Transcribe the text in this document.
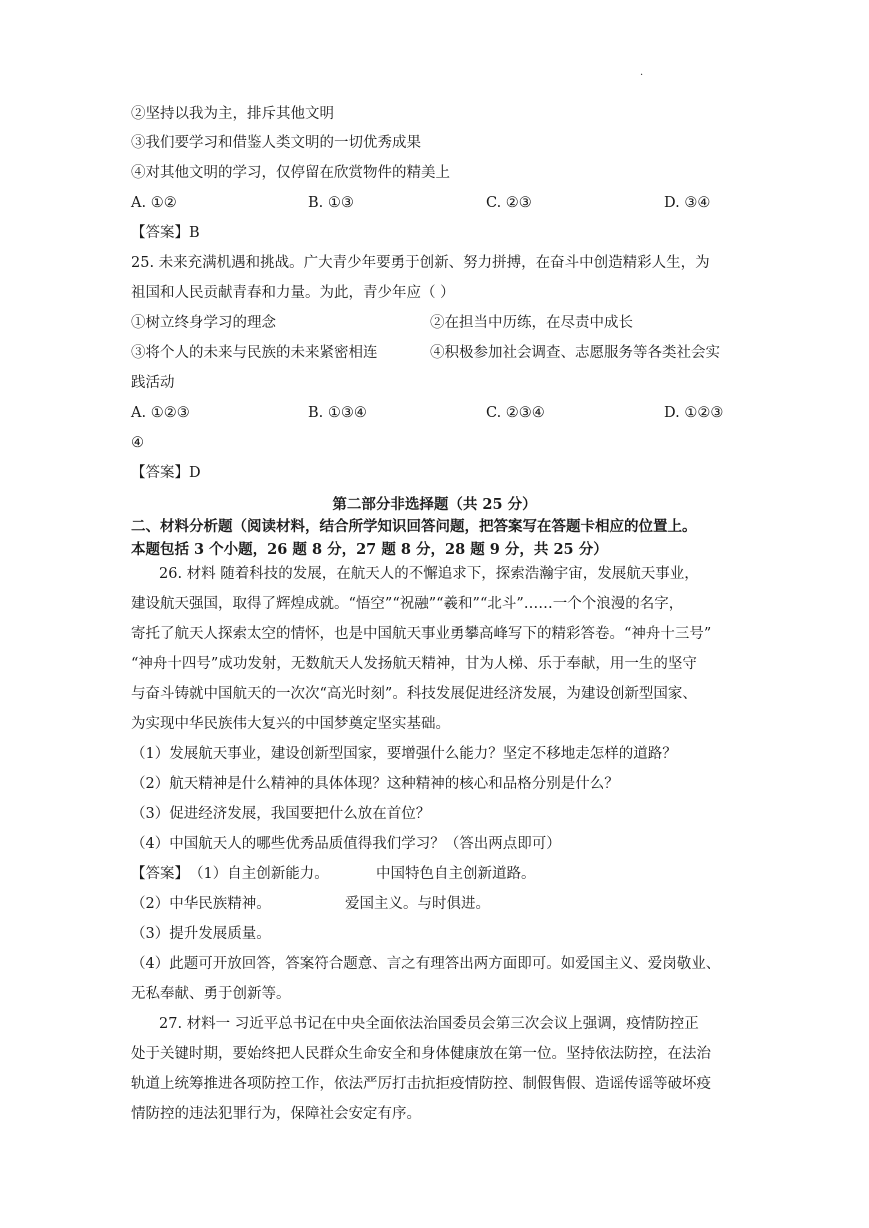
·
②坚持以我为主，排斥其他文明
③我们要学习和借鉴人类文明的一切优秀成果
④对其他文明的学习，仅停留在欣赏物件的精美上
A. ①②	B. ①③	C. ②③	D. ③④
【答案】B
25. 未来充满机遇和挑战。广大青少年要勇于创新、努力拼搏，在奋斗中创造精彩人生，为
祖国和人民贡献青春和力量。为此，青少年应（ ）
①树立终身学习的理念	②在担当中历练，在尽责中成长
③将个人的未来与民族的未来紧密相连	④积极参加社会调查、志愿服务等各类社会实
践活动
A. ①②③	B. ①③④	C. ②③④	D. ①②③
④
【答案】D
第二部分非选择题（共 25 分）
二、材料分析题（阅读材料，结合所学知识回答问题，把答案写在答题卡相应的位置上。
本题包括 3 个小题，26 题 8 分，27 题 8 分，28 题 9 分，共 25 分）
26. 材料 随着科技的发展，在航天人的不懈追求下，探索浩瀚宇宙，发展航天事业，
建设航天强国，取得了辉煌成就。“悟空”“祝融”“羲和”“北斗”……一个个浪漫的名字，
寄托了航天人探索太空的情怀，也是中国航天事业勇攀高峰写下的精彩答卷。“神舟十三号”
“神舟十四号”成功发射，无数航天人发扬航天精神，甘为人梯、乐于奉献，用一生的坚守
与奋斗铸就中国航天的一次次“高光时刻”。科技发展促进经济发展，为建设创新型国家、
为实现中华民族伟大复兴的中国梦奠定坚实基础。
（1）发展航天事业，建设创新型国家，要增强什么能力？坚定不移地走怎样的道路？
（2）航天精神是什么精神的具体体现？这种精神的核心和品格分别是什么？
（3）促进经济发展，我国要把什么放在首位？
（4）中国航天人的哪些优秀品质值得我们学习？（答出两点即可）
【答案】 （1）自主创新能力。	中国特色自主创新道路。
（2）中华民族精神。	爱国主义。与时俱进。
（3）提升发展质量。
（4）此题可开放回答，答案符合题意、言之有理答出两方面即可。如爱国主义、爱岗敬业、
无私奉献、勇于创新等。
27. 材料一 习近平总书记在中央全面依法治国委员会第三次会议上强调，疫情防控正
处于关键时期，要始终把人民群众生命安全和身体健康放在第一位。坚持依法防控，在法治
轨道上统筹推进各项防控工作，依法严厉打击抗拒疫情防控、制假售假、造谣传谣等破坏疫
情防控的违法犯罪行为，保障社会安定有序。
